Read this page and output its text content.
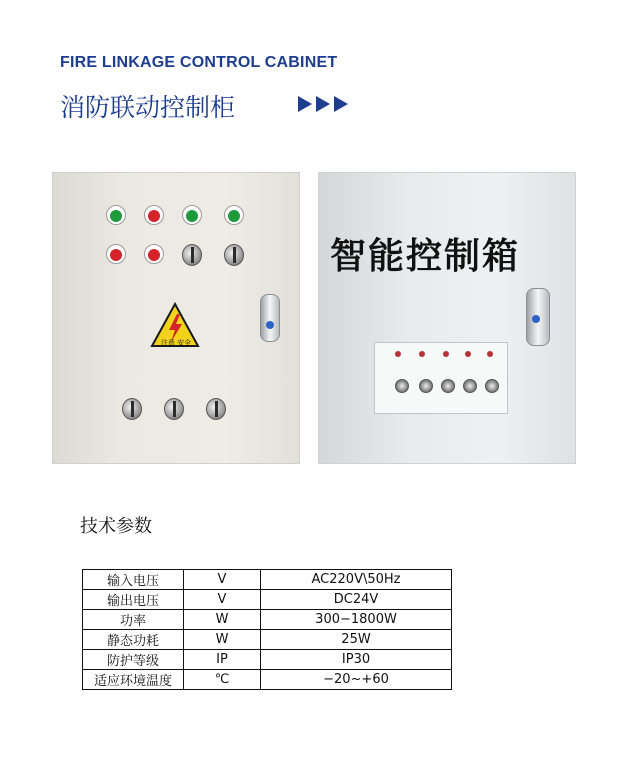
FIRE LINKAGE CONTROL CABINET
消防联动控制柜
注意 安全
智能控制箱
技术参数
输入电压	V	AC220V\50Hz
输出电压	V	DC24V
功率	W	300−1800W
静态功耗	W	25W
防护等级	IP	IP30
适应环境温度	℃	−20~+60
